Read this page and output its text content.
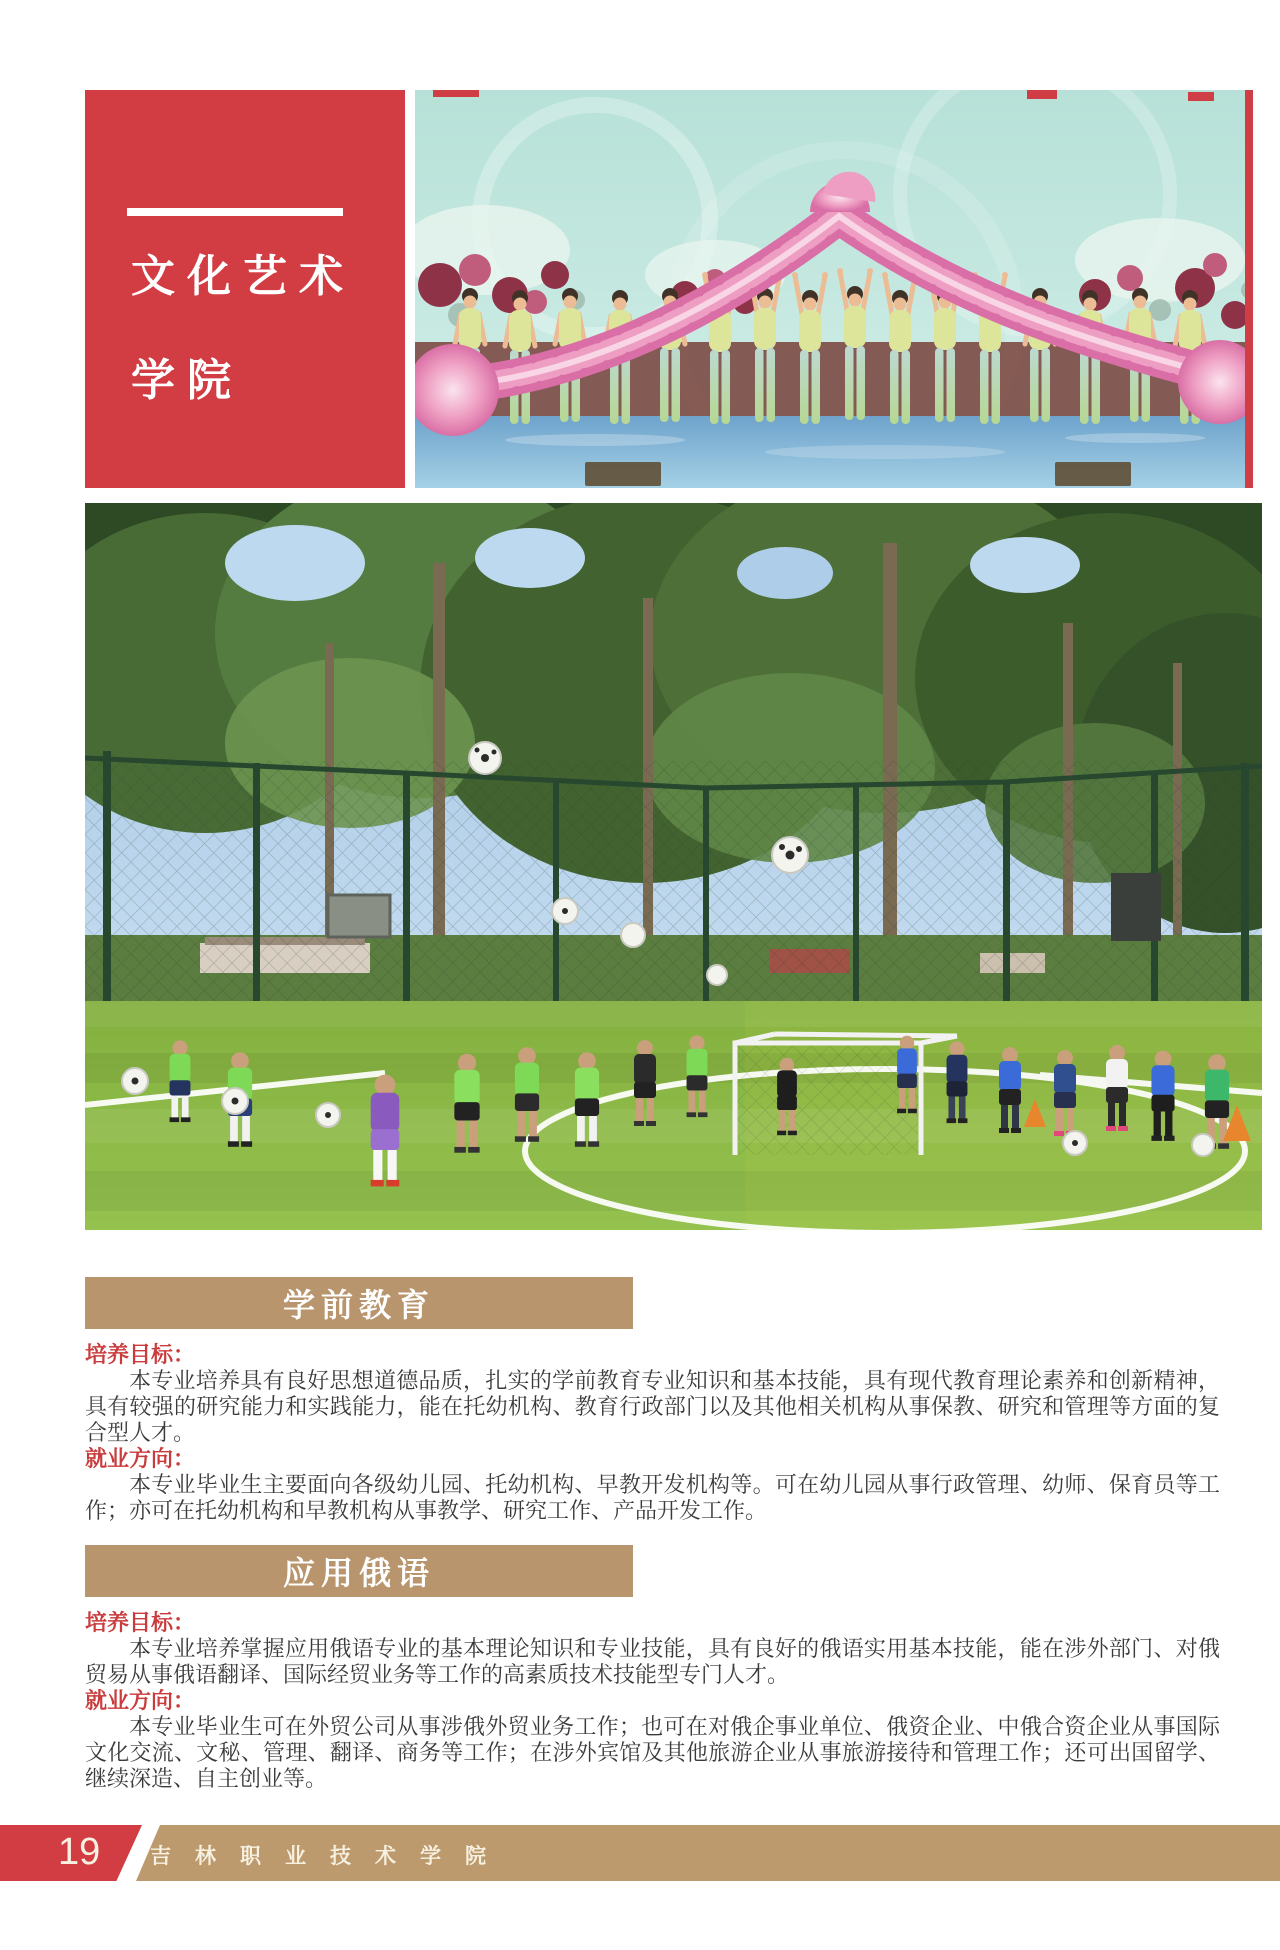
文化艺术
学院
学前教育

培养目标：

本专业培养具有良好思想道德品质，扎实的学前教育专业知识和基本技能，具有现代教育理论素养和创新精神，具有较强的研究能力和实践能力，能在托幼机构、教育行政部门以及其他相关机构从事保教、研究和管理等方面的复合型人才。

就业方向：

本专业毕业生主要面向各级幼儿园、托幼机构、早教开发机构等。可在幼儿园从事行政管理、幼师、保育员等工作；亦可在托幼机构和早教机构从事教学、研究工作、产品开发工作。

应用俄语

培养目标：

本专业培养掌握应用俄语专业的基本理论知识和专业技能，具有良好的俄语实用基本技能，能在涉外部门、对俄贸易从事俄语翻译、国际经贸业务等工作的高素质技术技能型专门人才。

就业方向：

本专业毕业生可在外贸公司从事涉俄外贸业务工作；也可在对俄企事业单位、俄资企业、中俄合资企业从事国际文化交流、文秘、管理、翻译、商务等工作；在涉外宾馆及其他旅游企业从事旅游接待和管理工作；还可出国留学、继续深造、自主创业等。

19 吉林职业技术学院
